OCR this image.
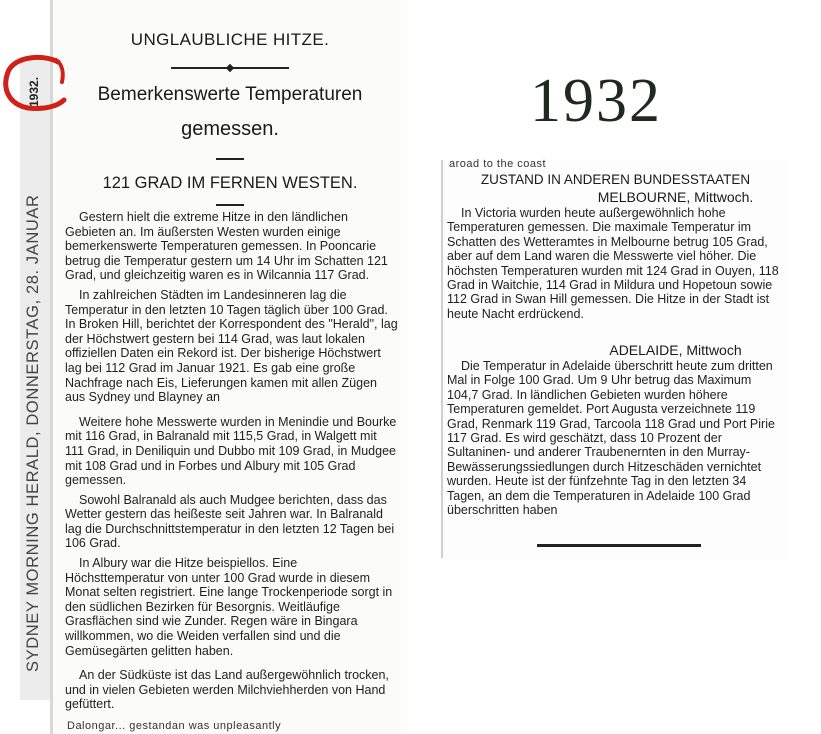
SYDNEY MORNING HERALD, DONNERSTAG, 28. JANUAR
UNGLAUBLICHE HITZE.
Bemerkenswerte Temperaturen
gemessen.
121 GRAD IM FERNEN WESTEN.

Gestern hielt die extreme Hitze in den ländlichen Gebieten an. Im äußersten Westen wurden einige bemerkenswerte Temperaturen gemessen. In Pooncarie betrug die Temperatur gestern um 14 Uhr im Schatten 121 Grad, und gleichzeitig waren es in Wilcannia 117 Grad.

In zahlreichen Städten im Landesinneren lag die Temperatur in den letzten 10 Tagen täglich über 100 Grad. In Broken Hill, berichtet der Korrespondent des "Herald", lag der Höchstwert gestern bei 114 Grad, was laut lokalen offiziellen Daten ein Rekord ist. Der bisherige Höchstwert lag bei 112 Grad im Januar 1921. Es gab eine große Nachfrage nach Eis, Lieferungen kamen mit allen Zügen aus Sydney und Blayney an

Weitere hohe Messwerte wurden in Menindie und Bourke mit 116 Grad, in Balranald mit 115,5 Grad, in Walgett mit 111 Grad, in Deniliquin und Dubbo mit 109 Grad, in Mudgee mit 108 Grad und in Forbes und Albury mit 105 Grad gemessen.

Sowohl Balranald als auch Mudgee berichten, dass das Wetter gestern das heißeste seit Jahren war. In Balranald lag die Durchschnittstemperatur in den letzten 12 Tagen bei 106 Grad.

In Albury war die Hitze beispiellos. Eine Höchsttemperatur von unter 100 Grad wurde in diesem Monat selten registriert. Eine lange Trockenperiode sorgt in den südlichen Bezirken für Besorgnis. Weitläufige Grasflächen sind wie Zunder. Regen wäre in Bingara willkommen, wo die Weiden verfallen sind und die Gemüsegärten gelitten haben.

An der Südküste ist das Land außergewöhnlich trocken, und in vielen Gebieten werden Milchviehherden von Hand gefüttert.

Dalongar... gestandan was unpleasantly
1932.	1932
aroad to the coast
ZUSTAND IN ANDEREN BUNDESSTAATEN
MELBOURNE, Mittwoch.

In Victoria wurden heute außergewöhnlich hohe Temperaturen gemessen. Die maximale Temperatur im Schatten des Wetteramtes in Melbourne betrug 105 Grad, aber auf dem Land waren die Messwerte viel höher. Die höchsten Temperaturen wurden mit 124 Grad in Ouyen, 118 Grad in Waitchie, 114 Grad in Mildura und Hopetoun sowie 112 Grad in Swan Hill gemessen. Die Hitze in der Stadt ist heute Nacht erdrückend.

ADELAIDE, Mittwoch

Die Temperatur in Adelaide überschritt heute zum dritten Mal in Folge 100 Grad. Um 9 Uhr betrug das Maximum 104,7 Grad. In ländlichen Gebieten wurden höhere Temperaturen gemeldet. Port Augusta verzeichnete 119 Grad, Renmark 119 Grad, Tarcoola 118 Grad und Port Pirie 117 Grad. Es wird geschätzt, dass 10 Prozent der Sultaninen- und anderer Traubenernten in den Murray-Bewässerungssiedlungen durch Hitzeschäden vernichtet wurden. Heute ist der fünfzehnte Tag in den letzten 34 Tagen, an dem die Temperaturen in Adelaide 100 Grad überschritten haben
